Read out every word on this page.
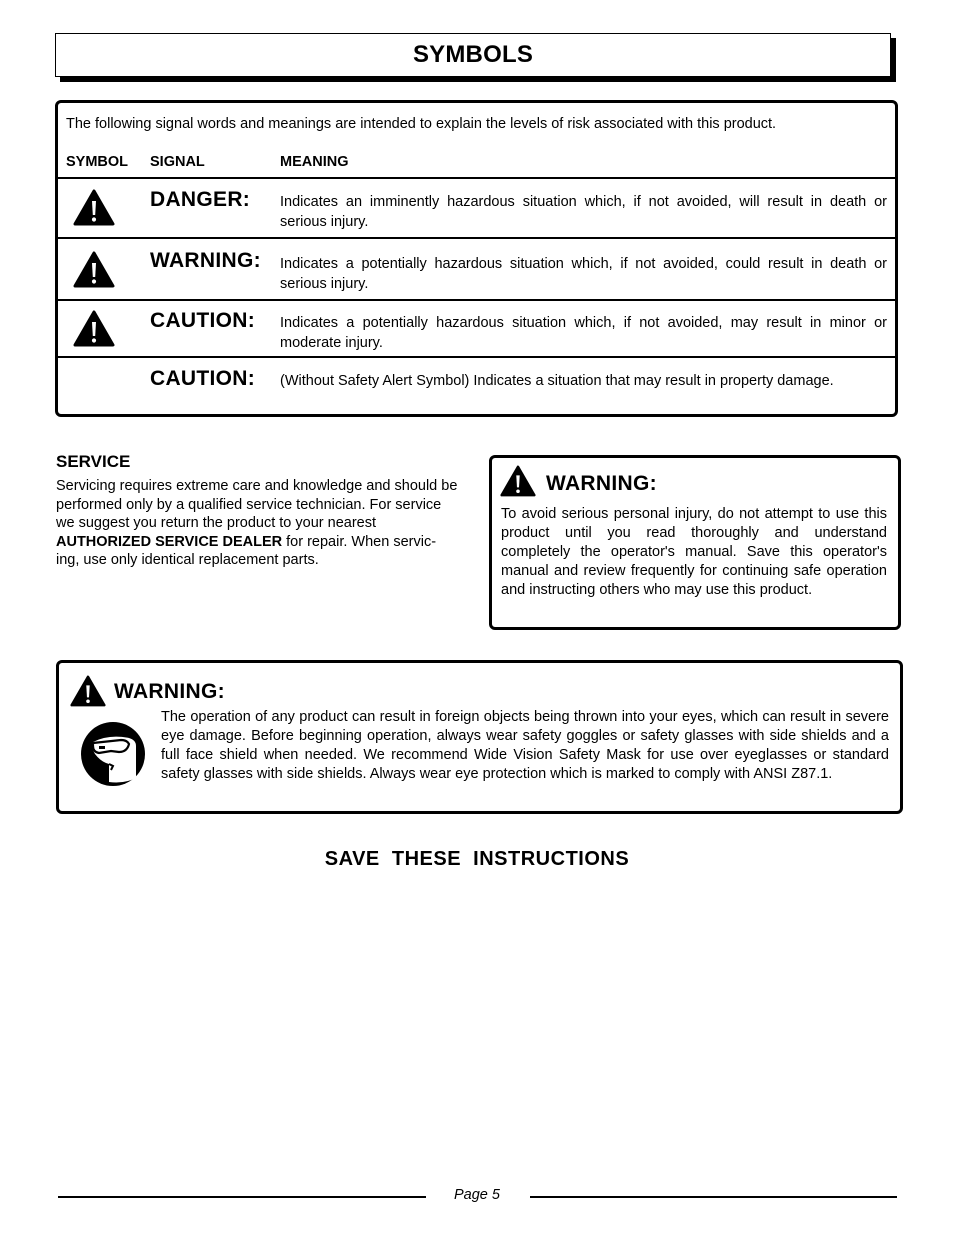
SYMBOLS
The following signal words and meanings are intended to explain the levels of risk associated with this product.
SYMBOL SIGNAL	MEANING
DANGER: Indicates an imminently hazardous situation which, if not avoided, will result in death or serious injury.
WARNING: Indicates a potentially hazardous situation which, if not avoided, could result in death or serious injury.
CAUTION: Indicates a potentially hazardous situation which, if not avoided, may result in minor or moderate injury.
CAUTION: (Without Safety Alert Symbol) Indicates a situation that may result in property damage.
SERVICE
Servicing requires extreme care and knowledge and should be performed only by a qualified service technician. For service we suggest you return the product to your nearest AUTHORIZED SERVICE DEALER for repair. When servic-ing, use only identical replacement parts.
WARNING:
To avoid serious personal injury, do not attempt to use this product until you read thoroughly and understand completely the operator's manual. Save this operator's manual and review frequently for continuing safe operation and instructing others who may use this product.
WARNING:
The operation of any product can result in foreign objects being thrown into your eyes, which can result in severe eye damage. Before beginning operation, always wear safety goggles or safety glasses with side shields and a full face shield when needed. We recommend Wide Vision Safety Mask for use over eyeglasses or standard safety glasses with side shields. Always wear eye protection which is marked to comply with ANSI Z87.1.
SAVE  THESE  INSTRUCTIONS
Page 5
